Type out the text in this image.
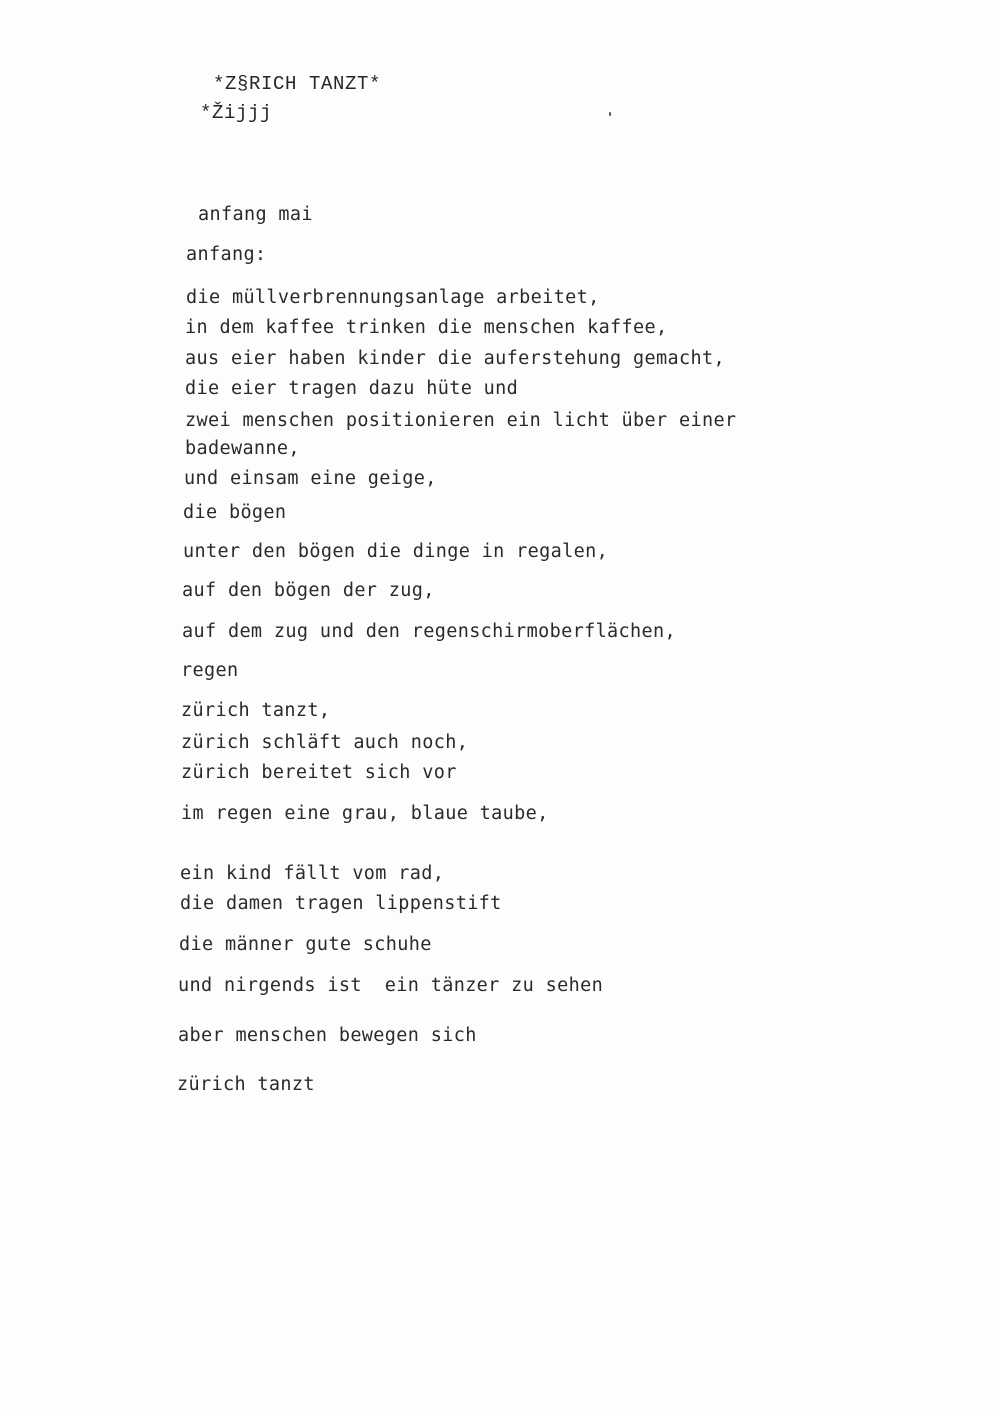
*Z§RICH TANZT*
*Žijjj
anfang mai
anfang:
die müllverbrennungsanlage arbeitet,
in dem kaffee trinken die menschen kaffee,
aus eier haben kinder die auferstehung gemacht,
die eier tragen dazu hüte und
zwei menschen positionieren ein licht über einer
badewanne,
und einsam eine geige,
die bögen
unter den bögen die dinge in regalen,
auf den bögen der zug,
auf dem zug und den regenschirmoberflächen,
regen
zürich tanzt,
zürich schläft auch noch,
zürich bereitet sich vor
im regen eine grau, blaue taube,
ein kind fällt vom rad,
die damen tragen lippenstift
die männer gute schuhe
und nirgends ist  ein tänzer zu sehen
aber menschen bewegen sich
zürich tanzt
